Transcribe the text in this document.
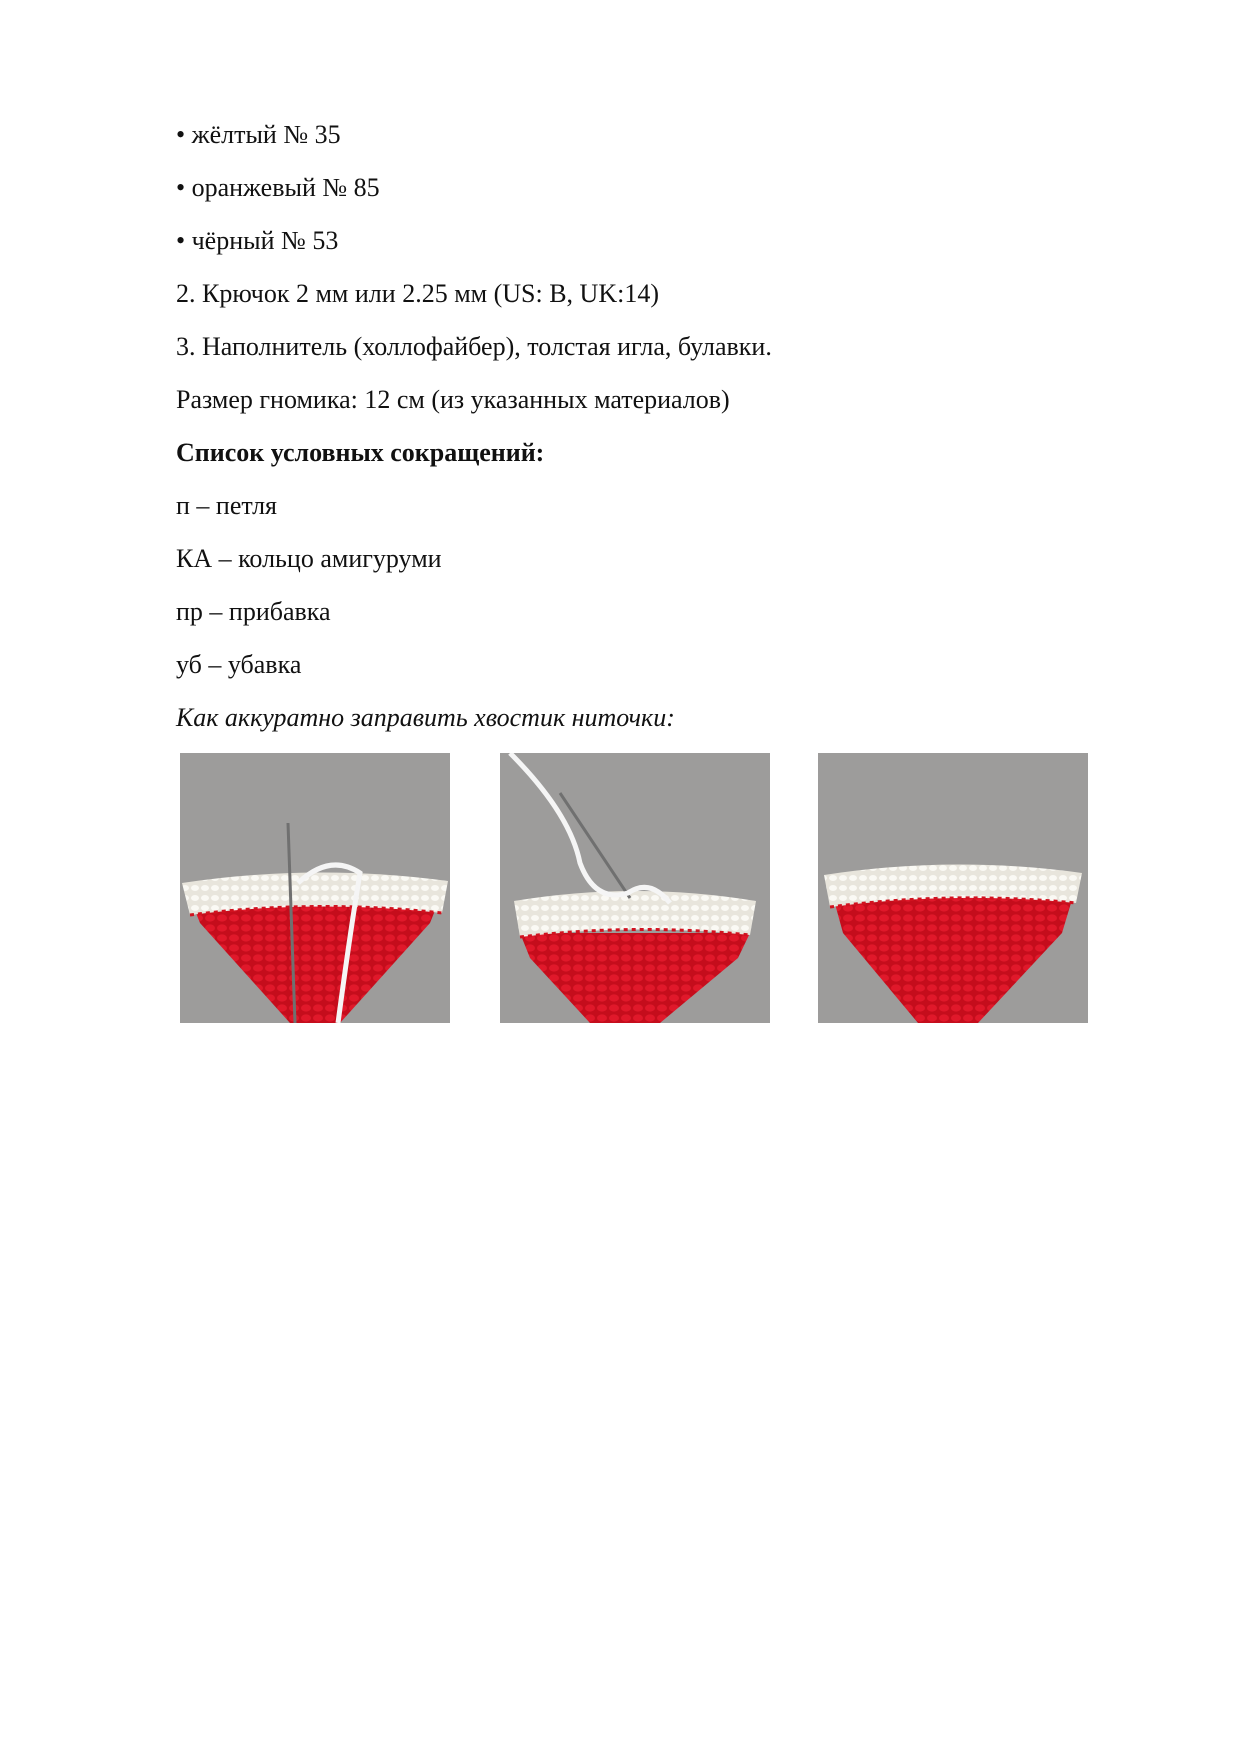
• жёлтый № 35
• оранжевый № 85
• чёрный № 53
2. Крючок 2 мм или 2.25 мм (US: B, UK:14)
3. Наполнитель (холлофайбер), толстая игла, булавки.
Размер гномика: 12 см (из указанных материалов)
Список условных сокращений:
п – петля
КА – кольцо амигуруми
пр – прибавка
уб – убавка
Как аккуратно заправить хвостик ниточки:
